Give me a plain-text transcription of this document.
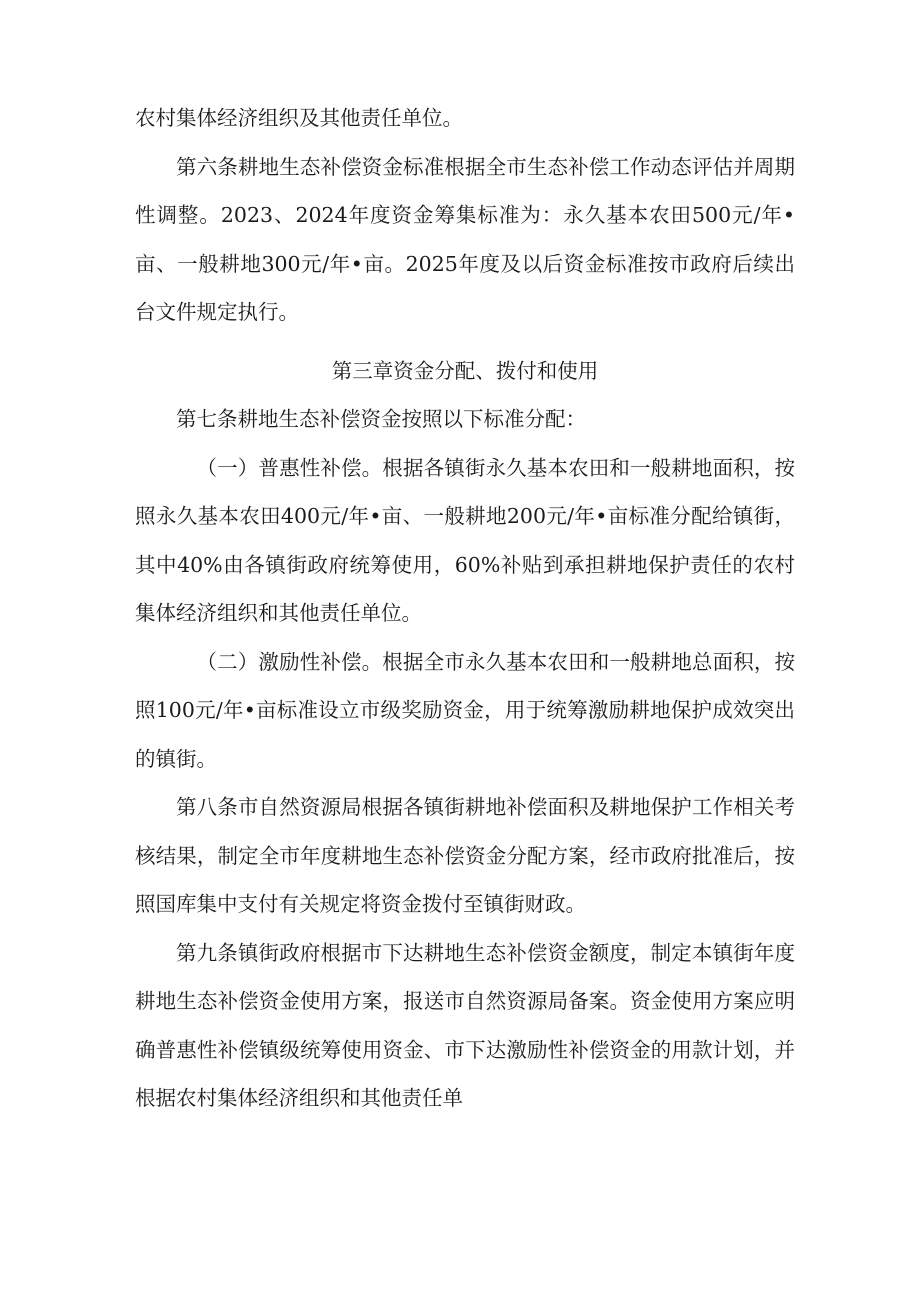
农村集体经济组织及其他责任单位。

第六条耕地生态补偿资金标准根据全市生态补偿工作动态评估并周期性调整。2023、2024年度资金筹集标准为：永久基本农田500元/年•亩、一般耕地300元/年•亩。2025年度及以后资金标准按市政府后续出台文件规定执行。

第三章资金分配、拨付和使用

第七条耕地生态补偿资金按照以下标准分配：

（一）普惠性补偿。根据各镇街永久基本农田和一般耕地面积，按照永久基本农田400元/年•亩、一般耕地200元/年•亩标准分配给镇街，其中40%由各镇街政府统筹使用，60%补贴到承担耕地保护责任的农村集体经济组织和其他责任单位。

（二）激励性补偿。根据全市永久基本农田和一般耕地总面积，按照100元/年•亩标准设立市级奖励资金，用于统筹激励耕地保护成效突出的镇街。

第八条市自然资源局根据各镇街耕地补偿面积及耕地保护工作相关考核结果，制定全市年度耕地生态补偿资金分配方案，经市政府批准后，按照国库集中支付有关规定将资金拨付至镇街财政。

第九条镇街政府根据市下达耕地生态补偿资金额度，制定本镇街年度耕地生态补偿资金使用方案，报送市自然资源局备案。资金使用方案应明确普惠性补偿镇级统筹使用资金、市下达激励性补偿资金的用款计划，并根据农村集体经济组织和其他责任单
